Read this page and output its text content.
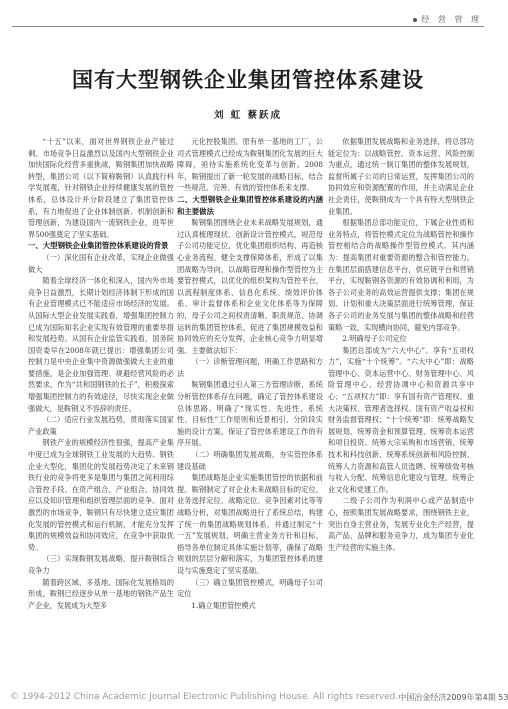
经 营 管 理
国有大型钢铁企业集团管控体系建设
刘 虹 蔡跃成

“十五”以来，面对世界钢铁企业产能过剩、市场竞争日益激烈以及国内大型钢铁企业加快国际化经营多重挑战，鞍钢集团加快战略转型，集团公司（以下简称鞍钢）认真践行科学发展观，针对钢铁企业持续健康发展的管控体系，总体设计并分阶段建立了集团管控体系，有力地促进了企业体制创新、机制创新和管理创新，为建设国内一流钢铁企业，进军世界500强奠定了坚实基础。

一、大型钢铁企业集团管控体系建设的背景

（一）深化国有企业改革，实现企业做强做大

随着全球经济一体化和深入，国内外市场竞争日益激烈，长期计划经济体制下形成的国有企业管理模式已不能适应市场经济的发展。从国际大型企业发展实践看，增强集团控制力已成为国际知名企业实现有效管理的重要举措和发展趋势。从国有企业监管实践看，国务院国资委早在2008年就已提出：增强集团公司控制力是中央企业集中资源做强做大主业的重要措施，是企业加强管理、规避经营风险的必然要求，作为“共和国钢铁的长子”，积极探索增强集团控制力的有效途径，尽快实现企业做强做大，是鞍钢义不容辞的责任。

（二）适应行业发展趋势，贯彻落实国家产业政策

钢铁产业的规模经济性很强，提高产业集中度已成为全球钢铁工业发展的大趋势。钢铁企业大型化，集团化的发展趋势决定了未来钢铁行业的竞争将更多是集团与集团之间利用综合管控手段、在资产组合、产业组合、协同效应以及知识管理和组织管理层面的竞争。面对激烈的市场竞争，鞍钢只有尽快建立适应集团化发展的管控模式和运行机制，才能充分发挥集团的规模效益和协同效应，在竞争中获取优势。

（三）实现鞍钢发展战略，提升鞍钢综合竞争力

随着跨区域、多基地、国际化发展格局的形成，鞍钢已经逐步从单一基地的钢铁产品生产企业，发展成为大型多

元化控股集团。原有单一基地的工厂，公司式管理模式已经成为鞍钢集团化发展的巨大障碍，亟待实施系统化变革与创新。2008年，鞍钢提出了新一轮发展的战略目标，结合一些规范、完善、有效的管控体系来支撑。

二、大型钢铁企业集团管控体系建设的内涵和主要做法

鞍钢集团围绕企业未来战略发展规划，通过认真梳理现状、创新设计管控模式，规范母子公司功能定位，优化集团组织结构、再造核心业务流程、健全支撑保障体系，形成了以集团战略为导向，以战略管理和操作型管控为主要管控模式，以优化的组织架构为管控平台，以流程制度体系、信息化系统、绩效评价体系、审计监督体系和企业文化体系等为保障的，母子公司之间权责清晰、职责规范、协调运转的集团管控体系，促进了集团规模效益和协同效应的充分发挥，企业核心竞争力明显增强。主要做法如下：

（一）诊断管理问题，明确工作思路和方法

鞍钢集团通过引入第三方管理诊断，系统分析管控体系存在问题，确定了管控体系建设总体思路。明确了“现实性、先进性、系统性、目标性”工作原则和近景相引、分阶段实施的设计方案，保证了管控体系建设工作的有序开展。

（二）明确集团发展战略，夯实管控体系建设基础

集团战略是企业实施集团管控的依据和前提。鞍钢制定了对企业未来战略目标的定位、业务选择定位、战略定位、竞争因素对比等等战略分析，对集团战略进行了系统总结，构建了统一的集团战略规划体系，并通过制定“十一五”发展规划，明确主营业务方针和目标，指导各单位制定具体实施计划等，确保了战略规划的层层分解和落实，为集团管控体系的建设与实施奠定了坚实基础。

（三）确立集团管控模式，明确母子公司定位

1.确立集团管控模式

依据集团发展战略和业务选择，将总部功能定位为：以战略管控、资本运营、风险控制为重点，通过统一制订集团的整体发展规划，监督所属子公司的日常运营，发挥集团公司的协同效应和资源配置的作用，并主动满足企业社会责任，使鞍钢成为一个具有特大型钢铁企业集团。

根据集团总部功能定位，下属企业性质和业务特点，将管控模式定位为战略管控和操作管控相结合的战略操作型管控模式。其内涵为：提高集团对重要资源的整合和管控能力，在集团层面搭建信息平台，供应链平台和营销平台，实现鞍钢各资源的有效协调和利用，为各子公司业务的高效运营提供支撑；集团在规划、计划和重大决策层面进行统筹管理，保证各子公司的业务发展与集团的整体战略和经营策略一致，实现横向协同，避免内部竞争。

2.明确母子公司定位

集团总部成为“六大中心”。享有“五项权力”，实施“十个统筹”。“六大中心”即：战略管理中心、资本运营中心、财务管理中心、风险管理中心、经营协调中心和资源共享中心；“五项权力”即：享有国有资产管理权、重大决策权、管理者选择权、国有资产收益权和财务监督管理权；“十个统筹”即：统筹战略发展规划、统筹资金和预算管理、统筹资本运营和项目投资、统筹大宗采购和市场营销、统筹技术和科技创新、统筹系统创新和风险控制、统筹人力资源和高管人员选聘、统筹绩效考核与收入分配、统筹信息化建设与管理，统筹企业文化和党建工作。

二级子公司作为利润中心或产品制造中心，按照集团发展战略要求，围绕钢铁主业，突出自身主营业务，发展专业化生产经营，提高产品、品牌和服务竞争力，成为集团专业化生产经营的实施主体。

© 1994-2012 China Academic Journal Electronic Publishing House. All rights reserved. 中国冶金经济2009年第4期 53
